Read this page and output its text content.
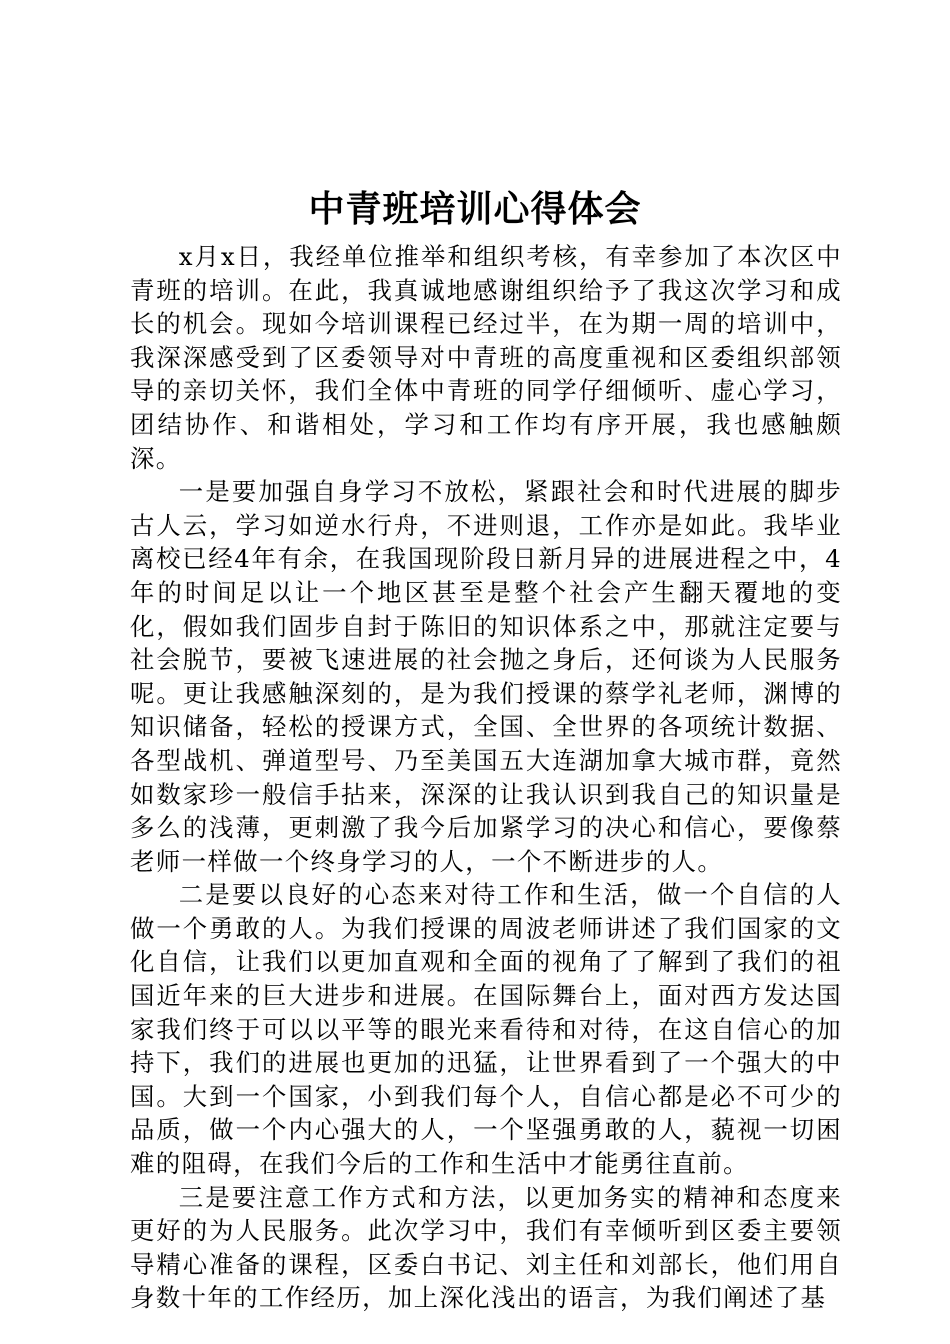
中青班培训心得体会

x月x日，我经单位推举和组织考核，有幸参加了本次区中青班的培训。在此，我真诚地感谢组织给予了我这次学习和成长的机会。现如今培训课程已经过半，在为期一周的培训中，我深深感受到了区委领导对中青班的高度重视和区委组织部领导的亲切关怀，我们全体中青班的同学仔细倾听、虚心学习，团结协作、和谐相处，学习和工作均有序开展，我也感触颇深。

一是要加强自身学习不放松，紧跟社会和时代进展的脚步古人云，学习如逆水行舟，不进则退，工作亦是如此。我毕业离校已经4年有余，在我国现阶段日新月异的进展进程之中，4年的时间足以让一个地区甚至是整个社会产生翻天覆地的变化，假如我们固步自封于陈旧的知识体系之中，那就注定要与社会脱节，要被飞速进展的社会抛之身后，还何谈为人民服务呢。更让我感触深刻的，是为我们授课的蔡学礼老师，渊博的知识储备，轻松的授课方式，全国、全世界的各项统计数据、各型战机、弹道型号、乃至美国五大连湖加拿大城市群，竟然如数家珍一般信手拈来，深深的让我认识到我自己的知识量是多么的浅薄，更刺激了我今后加紧学习的决心和信心，要像蔡老师一样做一个终身学习的人，一个不断进步的人。

二是要以良好的心态来对待工作和生活，做一个自信的人做一个勇敢的人。为我们授课的周波老师讲述了我们国家的文化自信，让我们以更加直观和全面的视角了了解到了我们的祖国近年来的巨大进步和进展。在国际舞台上，面对西方发达国家我们终于可以以平等的眼光来看待和对待，在这自信心的加持下，我们的进展也更加的迅猛，让世界看到了一个强大的中国。大到一个国家，小到我们每个人，自信心都是必不可少的品质，做一个内心强大的人，一个坚强勇敢的人，藐视一切困难的阻碍，在我们今后的工作和生活中才能勇往直前。

三是要注意工作方式和方法，以更加务实的精神和态度来更好的为人民服务。此次学习中，我们有幸倾听到区委主要领导精心准备的课程，区委白书记、刘主任和刘部长，他们用自身数十年的工作经历，加上深化浅出的语言，为我们阐述了基
